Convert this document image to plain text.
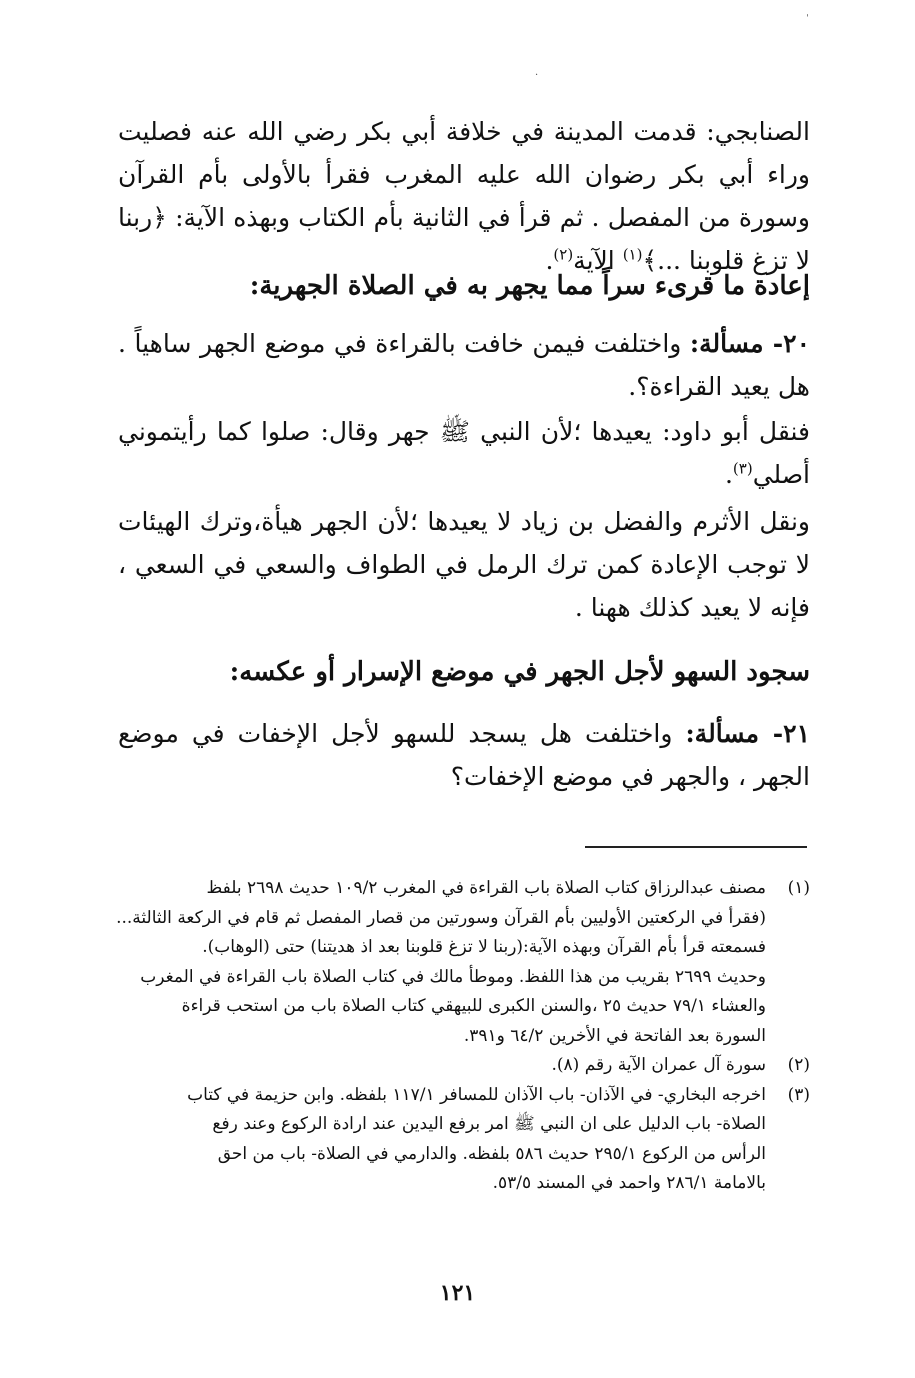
ˈ
·

الصنابجي: قدمت المدينة في خلافة أبي بكر رضي الله عنه فصليت وراء أبي بكر رضوان الله عليه المغرب فقرأ بالأولى بأم القرآن وسورة من المفصل . ثم قرأ في الثانية بأم الكتاب وبهذه الآية: ﴿ربنا لا تزغ قلوبنا ...﴾$^{(١)}$ الآية$^{(٢)}$.

إعادة ما قرىء سراً مما يجهر به في الصلاة الجهرية:

٢٠- مسألة: واختلفت فيمن خافت بالقراءة في موضع الجهر ساهياً . هل يعيد القراءة؟.

فنقل أبو داود: يعيدها ؛لأن النبي ﷺ جهر وقال: صلوا كما رأيتموني أصلي$^{(٣)}$.

ونقل الأثرم والفضل بن زياد لا يعيدها ؛لأن الجهر هيأة،وترك الهيئات لا توجب الإعادة كمن ترك الرمل في الطواف والسعي في السعي ، فإنه لا يعيد كذلك ههنا .

سجود السهو لأجل الجهر في موضع الإسرار أو عكسه:

٢١- مسألة: واختلفت هل يسجد للسهو لأجل الإخفات في موضع الجهر ، والجهر في موضع الإخفات؟

(١)
مصنف عبدالرزاق كتاب الصلاة باب القراءة في المغرب ١٠٩/٢ حديث ٢٦٩٨ بلفظ
(فقرأ في الركعتين الأوليين بأم القرآن وسورتين من قصار المفصل ثم قام في الركعة الثالثة...
فسمعته قرأ بأم القرآن وبهذه الآية:(ربنا لا تزغ قلوبنا بعد اذ هديتنا) حتى (الوهاب).
وحديث ٢٦٩٩ بقريب من هذا اللفظ. وموطأ مالك في كتاب الصلاة باب القراءة في المغرب
والعشاء ٧٩/١ حديث ٢٥ ،والسنن الكبرى للبيهقي كتاب الصلاة باب من استحب قراءة
السورة بعد الفاتحة في الأخرين ٦٤/٢ و٣٩١.
(٢)
سورة آل عمران الآية رقم (٨).
(٣)
اخرجه البخاري- في الآذان- باب الآذان للمسافر ١١٧/١ بلفظه. وابن حزيمة في كتاب
الصلاة- باب الدليل على ان النبي ﷺ امر برفع اليدين عند ارادة الركوع وعند رفع
الرأس من الركوع ٢٩٥/١ حديث ٥٨٦ بلفظه. والدارمي في الصلاة- باب من احق
بالامامة ٢٨٦/١ واحمد في المسند ٥٣/٥.
١٢١
